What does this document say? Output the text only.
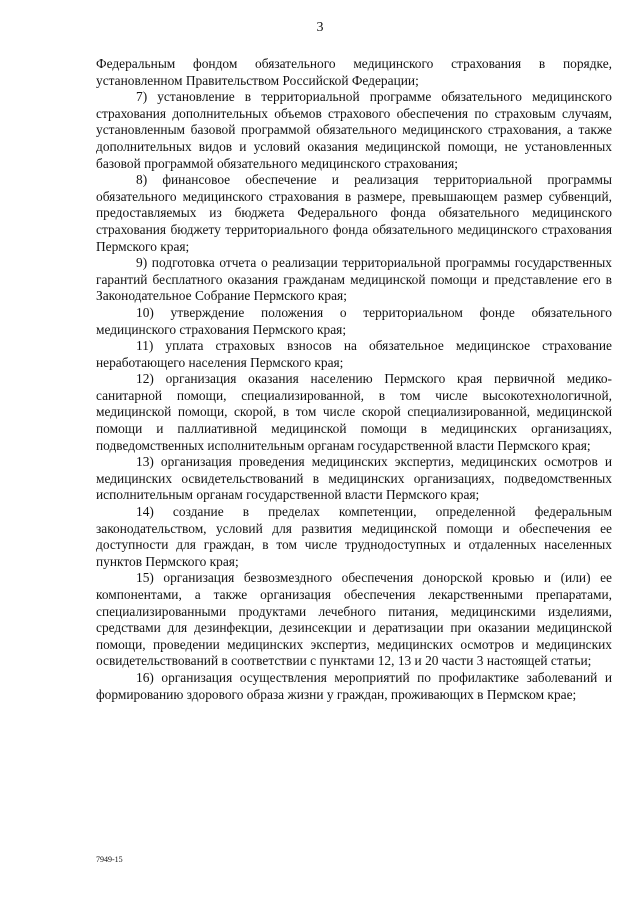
3

Федеральным фондом обязательного медицинского страхования в порядке, установленном Правительством Российской Федерации;

7) установление в территориальной программе обязательного медицинского страхования дополнительных объемов страхового обеспечения по страховым случаям, установленным базовой программой обязательного медицинского страхования, а также дополнительных видов и условий оказания медицинской помощи, не установленных базовой программой обязательного медицинского страхования;

8) финансовое обеспечение и реализация территориальной программы обязательного медицинского страхования в размере, превышающем размер субвенций, предоставляемых из бюджета Федерального фонда обязательного медицинского страхования бюджету территориального фонда обязательного медицинского страхования Пермского края;

9) подготовка отчета о реализации территориальной программы государственных гарантий бесплатного оказания гражданам медицинской помощи и представление его в Законодательное Собрание Пермского края;

10) утверждение положения о территориальном фонде обязательного медицинского страхования Пермского края;

11) уплата страховых взносов на обязательное медицинское страхование неработающего населения Пермского края;

12) организация оказания населению Пермского края первичной медико-санитарной помощи, специализированной, в том числе высокотехнологичной, медицинской помощи, скорой, в том числе скорой специализированной, медицинской помощи и паллиативной медицинской помощи в медицинских организациях, подведомственных исполнительным органам государственной власти Пермского края;

13) организация проведения медицинских экспертиз, медицинских осмотров и медицинских освидетельствований в медицинских организациях, подведомственных исполнительным органам государственной власти Пермского края;

14) создание в пределах компетенции, определенной федеральным законодательством, условий для развития медицинской помощи и обеспечения ее доступности для граждан, в том числе труднодоступных и отдаленных населенных пунктов Пермского края;

15) организация безвозмездного обеспечения донорской кровью и (или) ее компонентами, а также организация обеспечения лекарственными препаратами, специализированными продуктами лечебного питания, медицинскими изделиями, средствами для дезинфекции, дезинсекции и дератизации при оказании медицинской помощи, проведении медицинских экспертиз, медицинских осмотров и медицинских освидетельствований в соответствии с пунктами 12, 13 и 20 части 3 настоящей статьи;

16) организация осуществления мероприятий по профилактике заболеваний и формированию здорового образа жизни у граждан, проживающих в Пермском крае;

7949-15
